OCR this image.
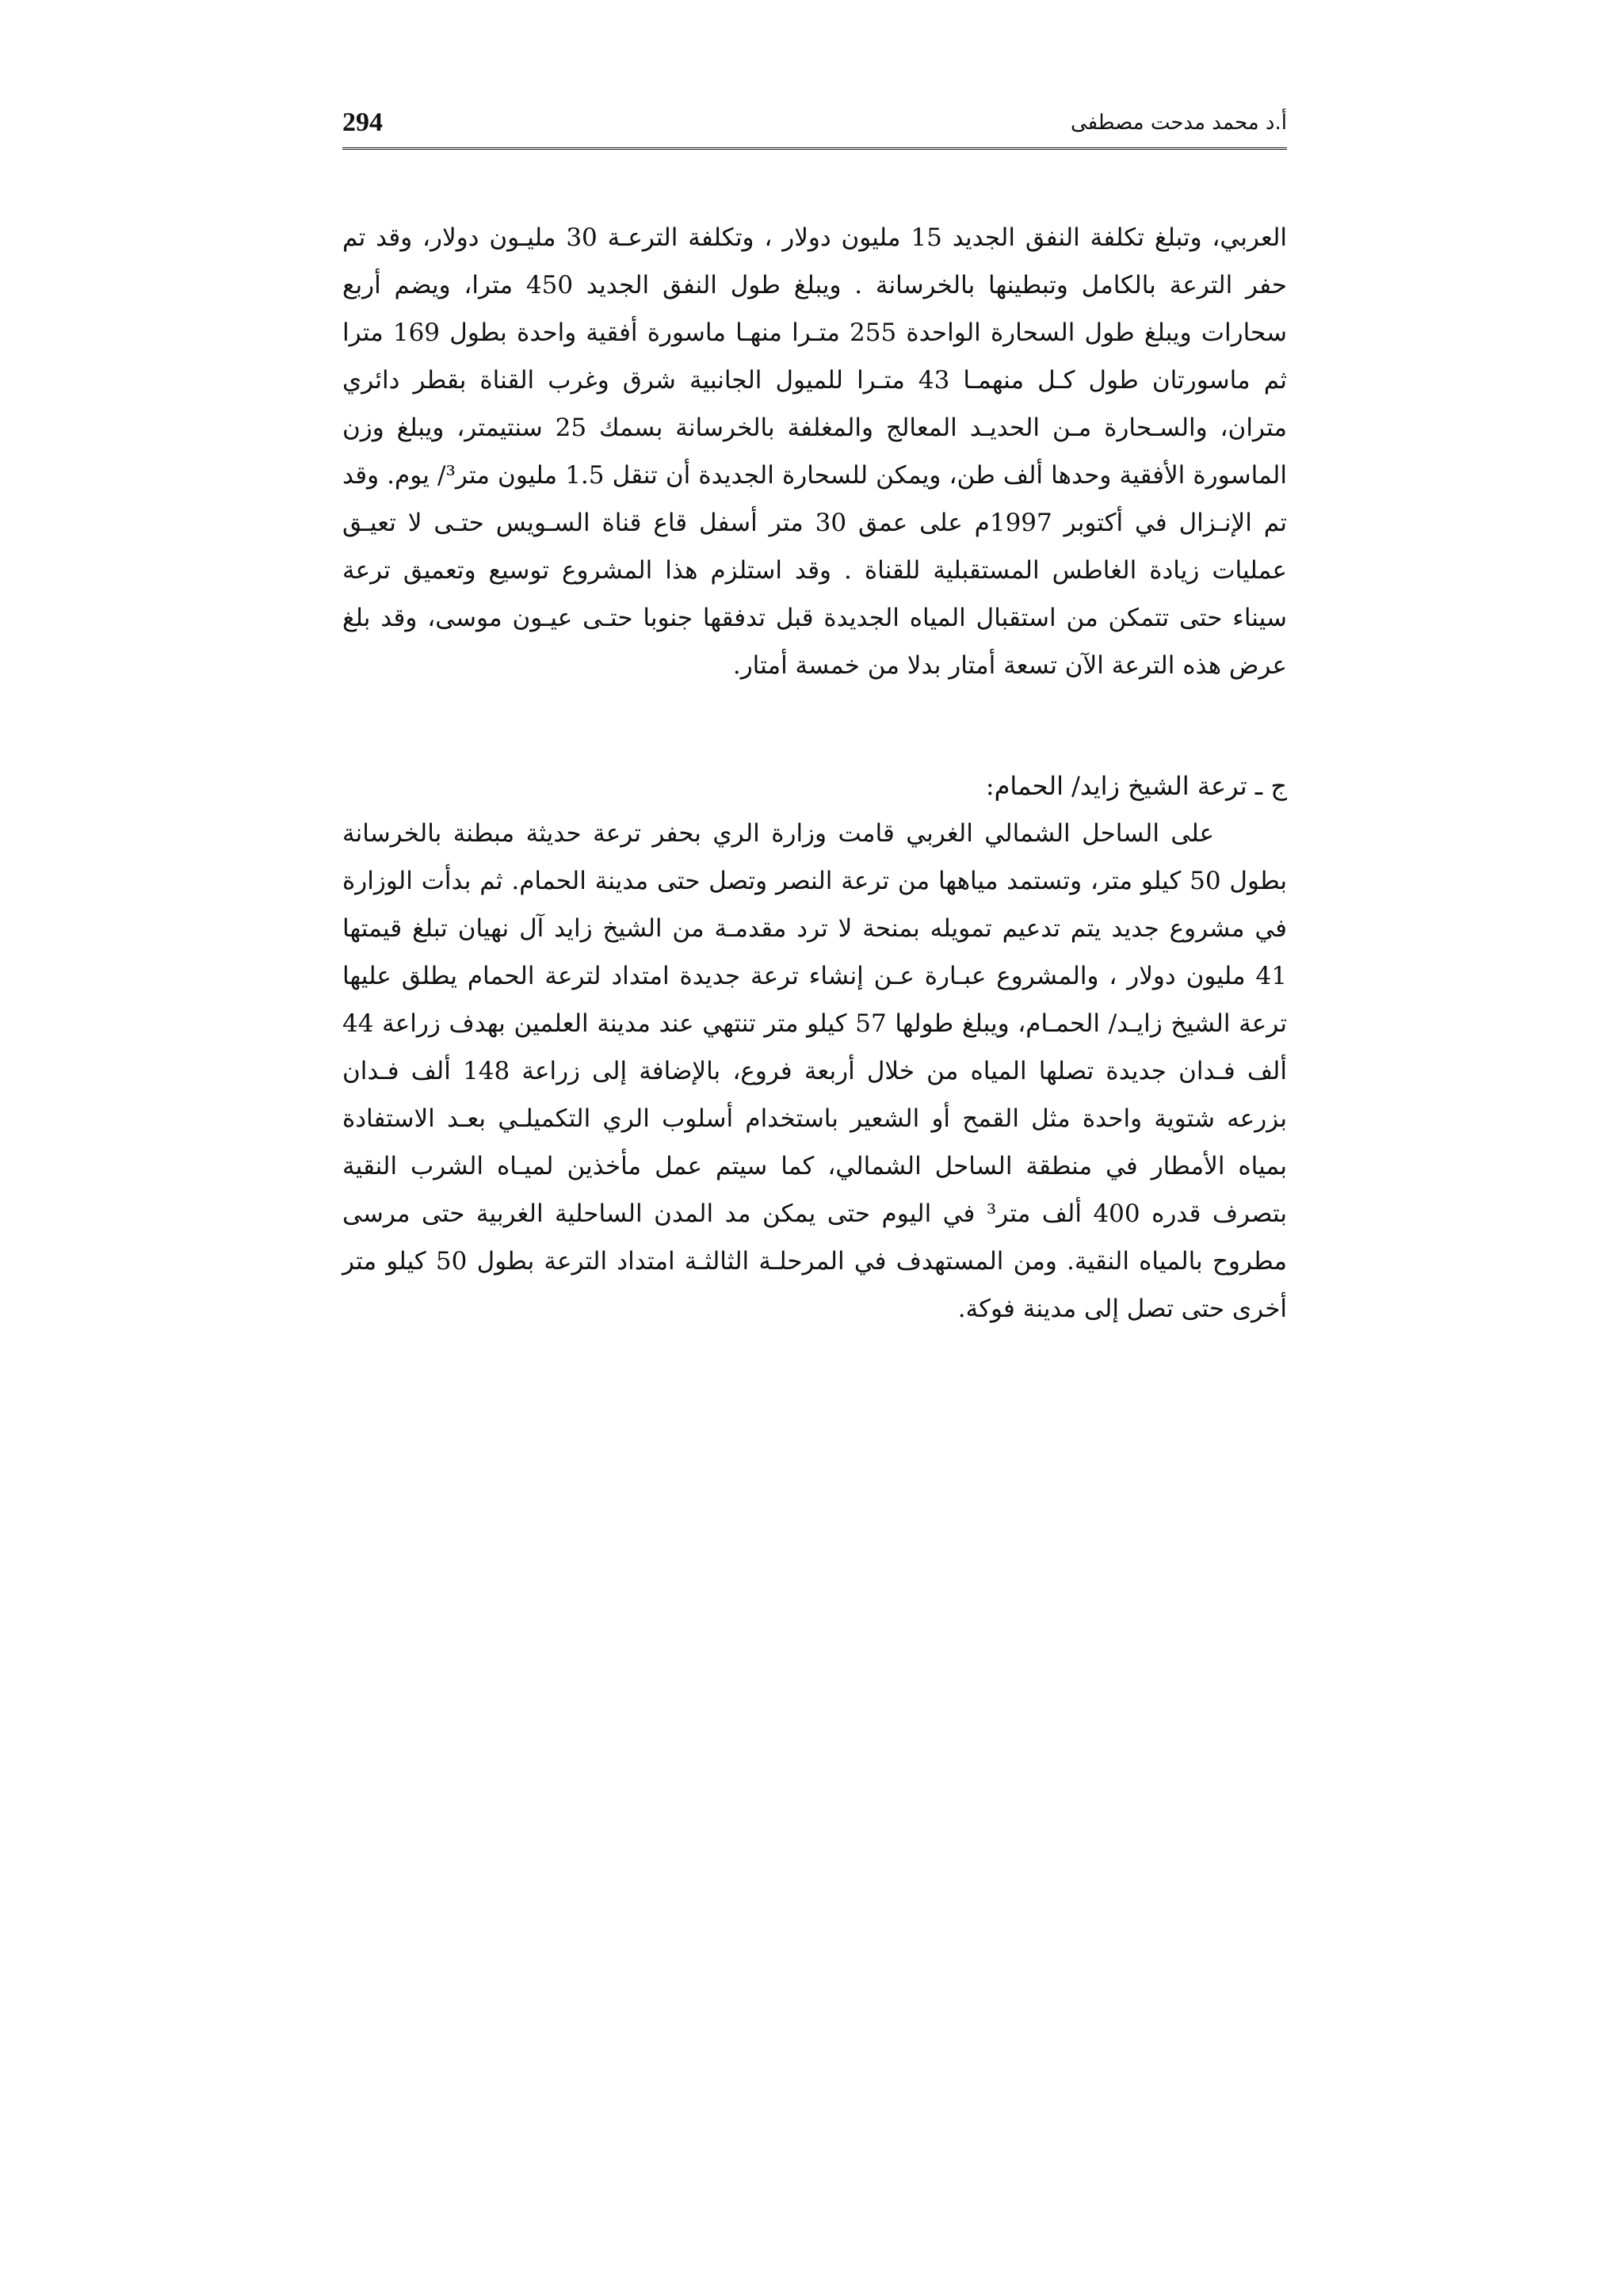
294	أ.د محمد مدحت مصطفى

العربي، وتبلغ تكلفة النفق الجديد 15 مليون دولار ، وتكلفة الترعـة 30 مليـون دولار، وقد تم حفر الترعة بالكامل وتبطينها بالخرسانة . ويبلغ طول النفق الجديد 450 مترا، ويضم أربع سحارات ويبلغ طول السحارة الواحدة 255 متـرا منهـا ماسورة أفقية واحدة بطول 169 مترا ثم ماسورتان طول كـل منهمـا 43 متـرا للميول الجانبية شرق وغرب القناة بقطر دائري متران، والسـحارة مـن الحديـد المعالج والمغلفة بالخرسانة بسمك 25 سنتيمتر، ويبلغ وزن الماسورة الأفقية وحدها ألف طن، ويمكن للسحارة الجديدة أن تنقل 1.5 مليون متر³/ يوم. وقد تم الإنـزال في أكتوبر 1997م على عمق 30 متر أسفل قاع قناة السـويس حتـى لا تعيـق عمليات زيادة الغاطس المستقبلية للقناة . وقد استلزم هذا المشروع توسيع وتعميق ترعة سيناء حتى تتمكن من استقبال المياه الجديدة قبل تدفقها جنوبا حتـى عيـون موسى، وقد بلغ عرض هذه الترعة الآن تسعة أمتار بدلا من خمسة أمتار.

ج ـ ترعة الشيخ زايد/ الحمام:

على الساحل الشمالي الغربي قامت وزارة الري بحفر ترعة حديثة مبطنة بالخرسانة بطول 50 كيلو متر، وتستمد مياهها من ترعة النصر وتصل حتى مدينة الحمام. ثم بدأت الوزارة في مشروع جديد يتم تدعيم تمويله بمنحة لا ترد مقدمـة من الشيخ زايد آل نهيان تبلغ قيمتها 41 مليون دولار ، والمشروع عبـارة عـن إنشاء ترعة جديدة امتداد لترعة الحمام يطلق عليها ترعة الشيخ زايـد/ الحمـام، ويبلغ طولها 57 كيلو متر تنتهي عند مدينة العلمين بهدف زراعة 44 ألف فـدان جديدة تصلها المياه من خلال أربعة فروع، بالإضافة إلى زراعة 148 ألف فـدان بزرعه شتوية واحدة مثل القمح أو الشعير باستخدام أسلوب الري التكميلـي بعـد الاستفادة بمياه الأمطار في منطقة الساحل الشمالي، كما سيتم عمل مأخذين لميـاه الشرب النقية بتصرف قدره 400 ألف متر³ في اليوم حتى يمكن مد المدن الساحلية الغربية حتى مرسى مطروح بالمياه النقية. ومن المستهدف في المرحلـة الثالثـة امتداد الترعة بطول 50 كيلو متر أخرى حتى تصل إلى مدينة فوكة.
